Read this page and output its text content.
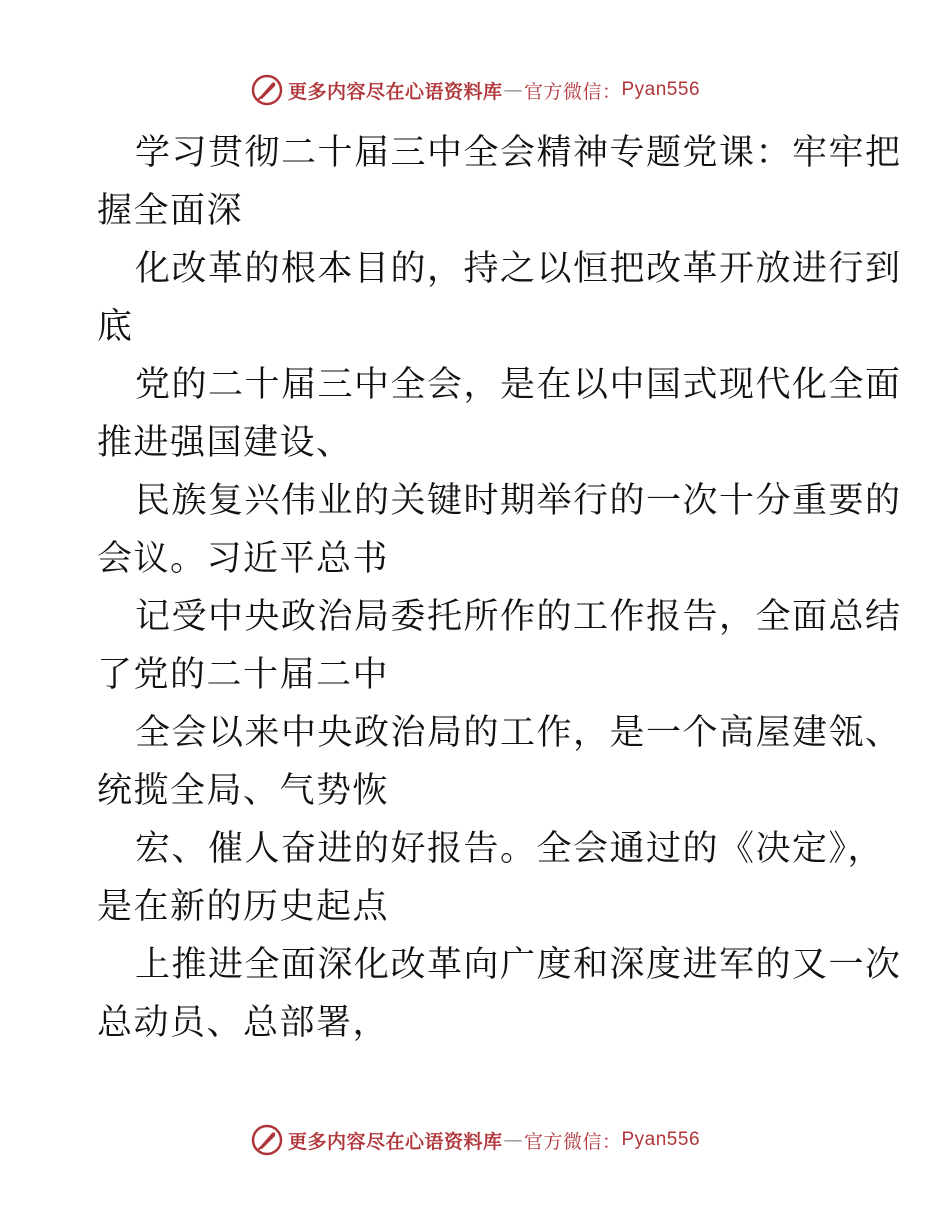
更多内容尽在心语资料库 — 官方微信： Pyan556
学习贯彻二十届三中全会精神专题党课：牢牢把
握全面深
化改革的根本目的，持之以恒把改革开放进行到
底
党的二十届三中全会，是在以中国式现代化全面
推进强国建设、
民族复兴伟业的关键时期举行的一次十分重要的
会议。习近平总书
记受中央政治局委托所作的工作报告，全面总结
了党的二十届二中
全会以来中央政治局的工作，是一个高屋建瓴、
统揽全局、气势恢
宏、催人奋进的好报告。全会通过的《决定》，
是在新的历史起点
上推进全面深化改革向广度和深度进军的又一次
总动员、总部署，
更多内容尽在心语资料库 — 官方微信： Pyan556
